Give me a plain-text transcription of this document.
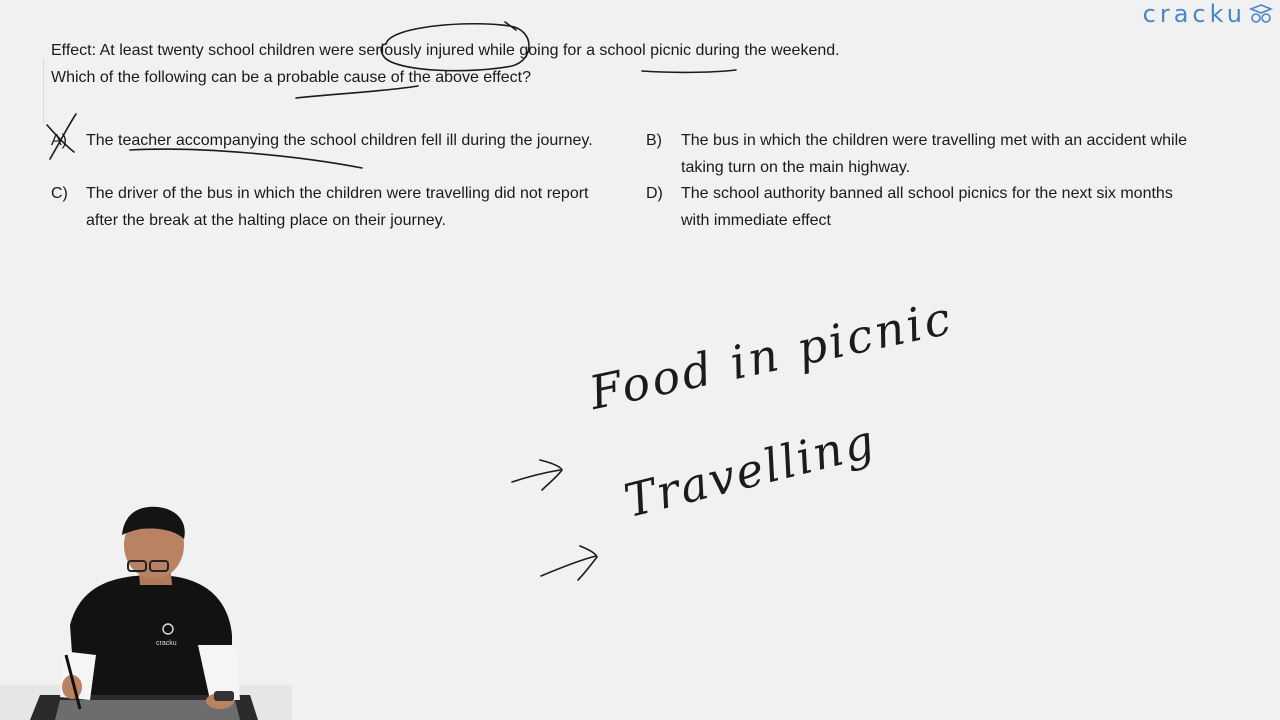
cracku
Effect: At least twenty school children were seriously injured while going for a school picnic during the weekend.
Which of the following can be a probable cause of the above effect?
A) The teacher accompanying the school children fell ill during the journey.	B) The bus in which the children were travelling met with an accident while
taking turn on the main highway.
C) The driver of the bus in which the children were travelling did not report
after the break at the halting place on their journey.
D) The school authority banned all school picnics for the next six months
with immediate effect
Food in picnic
Travelling
cracku
